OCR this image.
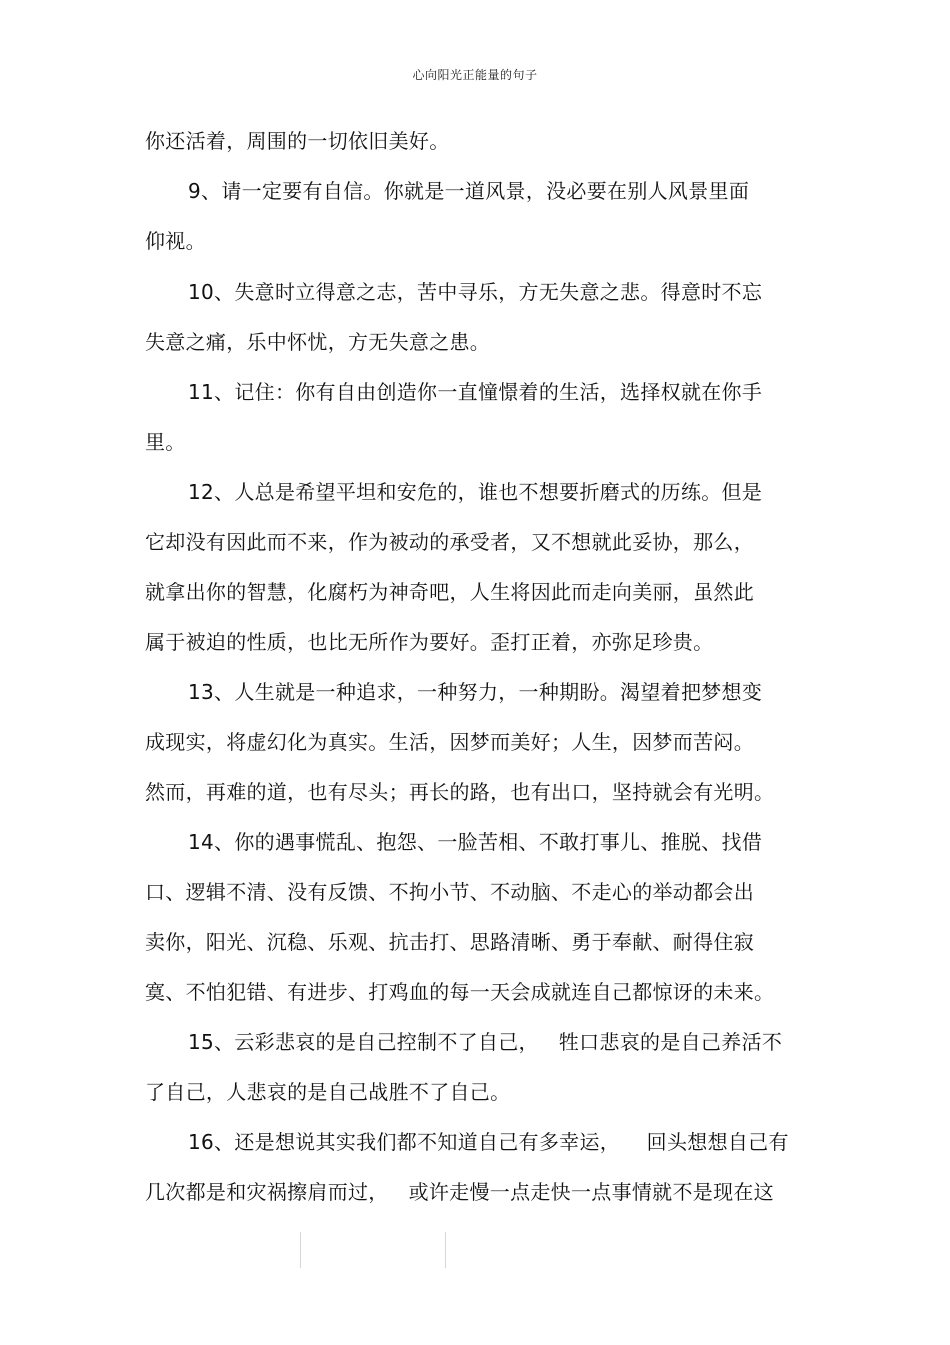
心向阳光正能量的句子
你还活着，周围的一切依旧美好。
9、请一定要有自信。你就是一道风景，没必要在别人风景里面
仰视。
10、失意时立得意之志，苦中寻乐，方无失意之悲。得意时不忘
失意之痛，乐中怀忧，方无失意之患。
11、记住：你有自由创造你一直憧憬着的生活，选择权就在你手
里。
12、人总是希望平坦和安危的，谁也不想要折磨式的历练。但是
它却没有因此而不来，作为被动的承受者，又不想就此妥协，那么，
就拿出你的智慧，化腐朽为神奇吧，人生将因此而走向美丽，虽然此
属于被迫的性质，也比无所作为要好。歪打正着，亦弥足珍贵。
13、人生就是一种追求，一种努力，一种期盼。渴望着把梦想变
成现实，将虚幻化为真实。生活，因梦而美好；人生，因梦而苦闷。
然而，再难的道，也有尽头；再长的路，也有出口，坚持就会有光明。
14、你的遇事慌乱、抱怨、一脸苦相、不敢打事儿、推脱、找借
口、逻辑不清、没有反馈、不拘小节、不动脑、不走心的举动都会出
卖你，阳光、沉稳、乐观、抗击打、思路清晰、勇于奉献、耐得住寂
寞、不怕犯错、有进步、打鸡血的每一天会成就连自己都惊讶的未来。
15、云彩悲哀的是自己控制不了自己，   牲口悲哀的是自己养活不
了自己，人悲哀的是自己战胜不了自己。
16、还是想说其实我们都不知道自己有多幸运，    回头想想自己有
几次都是和灾祸擦肩而过，   或许走慢一点走快一点事情就不是现在这
